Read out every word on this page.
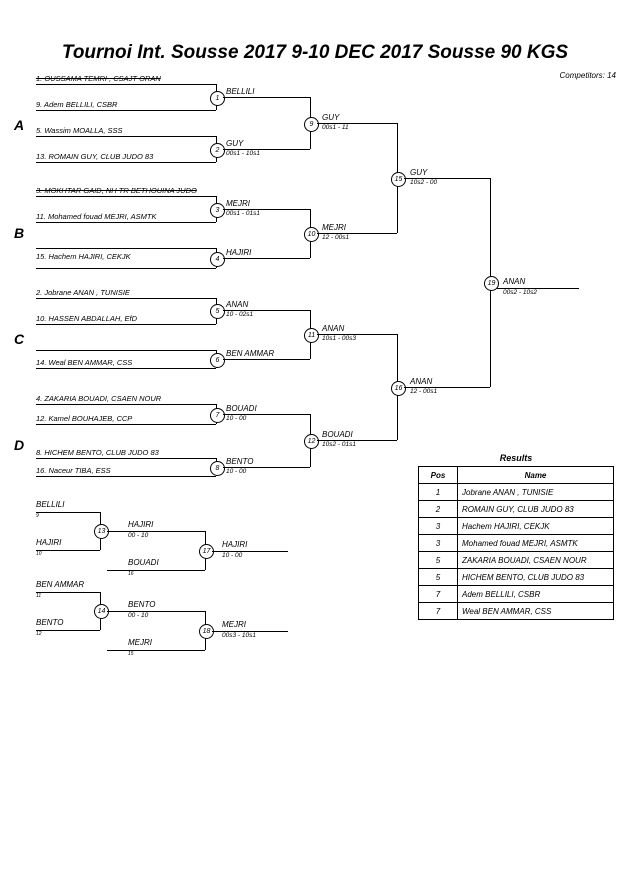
Tournoi Int. Sousse 2017 9-10 DEC 2017 Sousse 90 KGS
Competitors: 14
A
B
C
D
1. OUSSAMA TEMRI , CSAJT ORAN
9. Adem BELLILI, CSBR
5. Wassim MOALLA, SSS
13. ROMAIN GUY, CLUB JUDO 83
3. MOKHTAR GAID, NH TR BETHOUINA JUDO
11. Mohamed fouad MEJRI, ASMTK
15. Hachem HAJIRI, CEKJK
2. Jobrane ANAN , TUNISIE
10. HASSEN ABDALLAH, EfD
14. Weal BEN AMMAR, CSS
4. ZAKARIA BOUADI, CSAEN NOUR
12. Kamel BOUHAJEB, CCP
8. HICHEM BENTO, CLUB JUDO 83
16. Naceur TIBA, ESS
1
2
3
4
5
6
7
8
BELLILI
GUY
00s1 - 10s1
MEJRI
00s1 - 01s1
HAJIRI
ANAN
10 - 02s1
BEN AMMAR
BOUADI
10 - 00
BENTO
10 - 00
9
10
11
12
GUY
00s1 - 11
MEJRI
12 - 00s1
ANAN
10s1 - 00s3
BOUADI
10s2 - 01s1
15
16
GUY
10s2 - 00
ANAN
12 - 00s1
19 ANAN
00s2 - 10s2
BELLILI
9
HAJIRI
10
13
HAJIRI
00 - 10
BOUADI
16
17
HAJIRI
10 - 00
BEN AMMAR
11
BENTO
12
14
BENTO
00 - 10
MEJRI
15
18
MEJRI
00s3 - 10s1
Results
Pos	Name
1	Jobrane ANAN , TUNISIE
2	ROMAIN GUY, CLUB JUDO 83
3	Hachem HAJIRI, CEKJK
3	Mohamed fouad MEJRI, ASMTK
5	ZAKARIA BOUADI, CSAEN NOUR
5	HICHEM BENTO, CLUB JUDO 83
7	Adem BELLILI, CSBR
7	Weal BEN AMMAR, CSS
